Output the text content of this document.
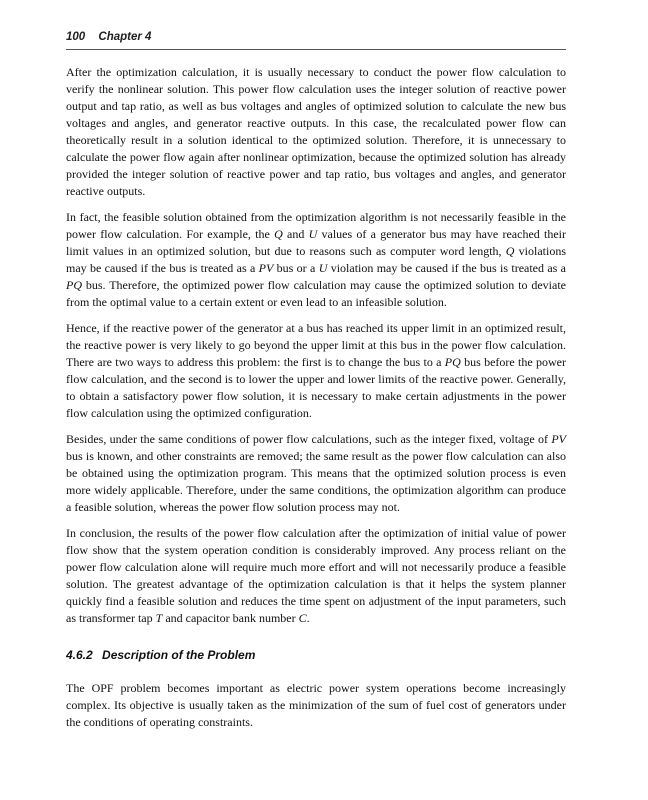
100 Chapter 4

After the optimization calculation, it is usually necessary to conduct the power flow calculation to verify the nonlinear solution. This power flow calculation uses the integer solution of reactive power output and tap ratio, as well as bus voltages and angles of optimized solution to calculate the new bus voltages and angles, and generator reactive outputs. In this case, the recalculated power flow can theoretically result in a solution identical to the optimized solution. Therefore, it is unnecessary to calculate the power flow again after nonlinear optimization, because the optimized solution has already provided the integer solution of reactive power and tap ratio, bus voltages and angles, and generator reactive outputs.

In fact, the feasible solution obtained from the optimization algorithm is not necessarily feasible in the power flow calculation. For example, the Q and U values of a generator bus may have reached their limit values in an optimized solution, but due to reasons such as computer word length, Q violations may be caused if the bus is treated as a PV bus or a U violation may be caused if the bus is treated as a PQ bus. Therefore, the optimized power flow calculation may cause the optimized solution to deviate from the optimal value to a certain extent or even lead to an infeasible solution.

Hence, if the reactive power of the generator at a bus has reached its upper limit in an optimized result, the reactive power is very likely to go beyond the upper limit at this bus in the power flow calculation. There are two ways to address this problem: the first is to change the bus to a PQ bus before the power flow calculation, and the second is to lower the upper and lower limits of the reactive power. Generally, to obtain a satisfactory power flow solution, it is necessary to make certain adjustments in the power flow calculation using the optimized configuration.

Besides, under the same conditions of power flow calculations, such as the integer fixed, voltage of PV bus is known, and other constraints are removed; the same result as the power flow calculation can also be obtained using the optimization program. This means that the optimized solution process is even more widely applicable. Therefore, under the same conditions, the optimization algorithm can produce a feasible solution, whereas the power flow solution process may not.

In conclusion, the results of the power flow calculation after the optimization of initial value of power flow show that the system operation condition is considerably improved. Any process reliant on the power flow calculation alone will require much more effort and will not necessarily produce a feasible solution. The greatest advantage of the optimization calculation is that it helps the system planner quickly find a feasible solution and reduces the time spent on adjustment of the input parameters, such as transformer tap T and capacitor bank number C.

4.6.2 Description of the Problem

The OPF problem becomes important as electric power system operations become increasingly complex. Its objective is usually taken as the minimization of the sum of fuel cost of generators under the conditions of operating constraints.
